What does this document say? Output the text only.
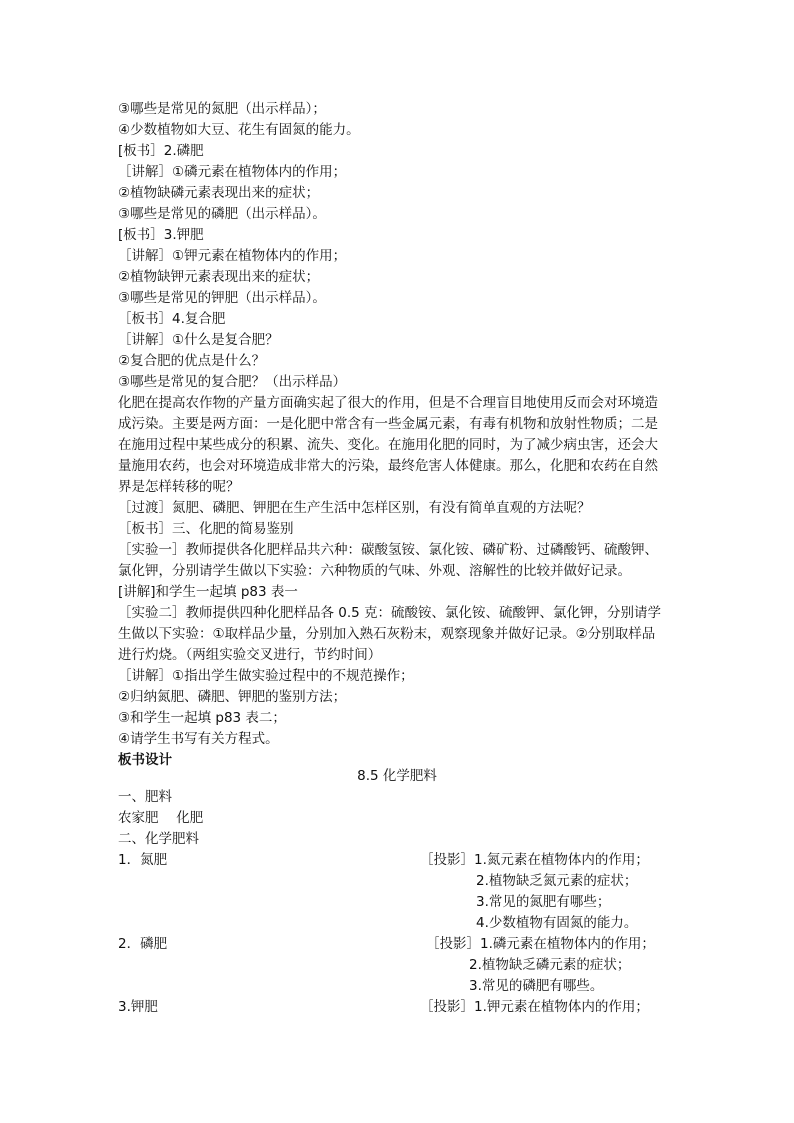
③哪些是常见的氮肥（出示样品）；
④少数植物如大豆、花生有固氮的能力。
[板书］2.磷肥
［讲解］①磷元素在植物体内的作用；
②植物缺磷元素表现出来的症状；
③哪些是常见的磷肥（出示样品）。
[板书］3.钾肥
［讲解］①钾元素在植物体内的作用；
②植物缺钾元素表现出来的症状；
③哪些是常见的钾肥（出示样品）。
［板书］4.复合肥
［讲解］①什么是复合肥？
②复合肥的优点是什么？
③哪些是常见的复合肥？（出示样品）
化肥在提高农作物的产量方面确实起了很大的作用，但是不合理盲目地使用反而会对环境造
成污染。主要是两方面：一是化肥中常含有一些金属元素，有毒有机物和放射性物质；二是
在施用过程中某些成分的积累、流失、变化。在施用化肥的同时，为了减少病虫害，还会大
量施用农药，也会对环境造成非常大的污染，最终危害人体健康。那么，化肥和农药在自然
界是怎样转移的呢？
［过渡］氮肥、磷肥、钾肥在生产生活中怎样区别，有没有简单直观的方法呢？
［板书］三、化肥的简易鉴别
［实验一］教师提供各化肥样品共六种：碳酸氢铵、氯化铵、磷矿粉、过磷酸钙、硫酸钾、
氯化钾，分别请学生做以下实验：六种物质的气味、外观、溶解性的比较并做好记录。
[讲解]和学生一起填 p83 表一
［实验二］教师提供四种化肥样品各 0.5 克：硫酸铵、氯化铵、硫酸钾、氯化钾，分别请学
生做以下实验：①取样品少量，分别加入熟石灰粉末，观察现象并做好记录。②分别取样品
进行灼烧。（两组实验交叉进行，节约时间）
［讲解］①指出学生做实验过程中的不规范操作；
②归纳氮肥、磷肥、钾肥的鉴别方法；
③和学生一起填 p83 表二；
④请学生书写有关方程式。
板书设计
8.5 化学肥料
一、肥料
农家肥　 化肥
二、化学肥料
1．氮肥	［投影］1.氮元素在植物体内的作用；
2.植物缺乏氮元素的症状；
3.常见的氮肥有哪些；
4.少数植物有固氮的能力。
2．磷肥	［投影］1.磷元素在植物体内的作用；
2.植物缺乏磷元素的症状；
3.常见的磷肥有哪些。
3.钾肥	［投影］1.钾元素在植物体内的作用；
